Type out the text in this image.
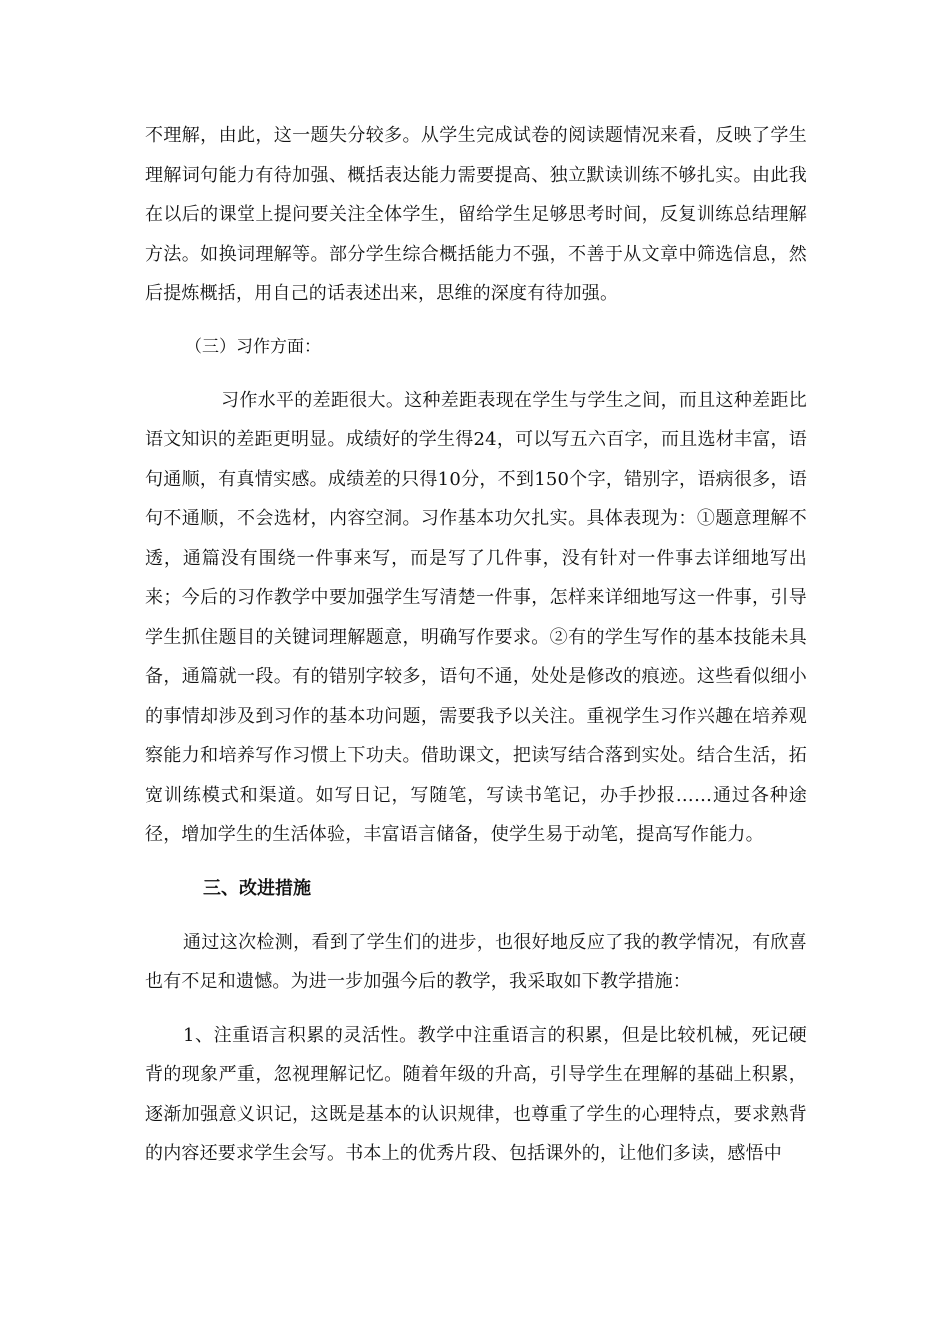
不理解，由此，这一题失分较多。从学生完成试卷的阅读题情况来看，反映了学生理解词句能力有待加强、概括表达能力需要提高、独立默读训练不够扎实。由此我在以后的课堂上提问要关注全体学生，留给学生足够思考时间，反复训练总结理解方法。如换词理解等。部分学生综合概括能力不强，不善于从文章中筛选信息，然后提炼概括，用自己的话表述出来，思维的深度有待加强。

（三）习作方面：

习作水平的差距很大。这种差距表现在学生与学生之间，而且这种差距比语文知识的差距更明显。成绩好的学生得24，可以写五六百字，而且选材丰富，语句通顺，有真情实感。成绩差的只得10分，不到150个字，错别字，语病很多，语句不通顺，不会选材，内容空洞。习作基本功欠扎实。具体表现为：①题意理解不透，通篇没有围绕一件事来写，而是写了几件事，没有针对一件事去详细地写出来；今后的习作教学中要加强学生写清楚一件事，怎样来详细地写这一件事，引导学生抓住题目的关键词理解题意，明确写作要求。②有的学生写作的基本技能未具备，通篇就一段。有的错别字较多，语句不通，处处是修改的痕迹。这些看似细小的事情却涉及到习作的基本功问题，需要我予以关注。重视学生习作兴趣在培养观察能力和培养写作习惯上下功夫。借助课文，把读写结合落到实处。结合生活，拓宽训练模式和渠道。如写日记，写随笔，写读书笔记，办手抄报……通过各种途径，增加学生的生活体验，丰富语言储备，使学生易于动笔，提高写作能力。

三、改进措施

通过这次检测，看到了学生们的进步，也很好地反应了我的教学情况，有欣喜也有不足和遗憾。为进一步加强今后的教学，我采取如下教学措施：

1、注重语言积累的灵活性。教学中注重语言的积累，但是比较机械，死记硬背的现象严重，忽视理解记忆。随着年级的升高，引导学生在理解的基础上积累，逐渐加强意义识记，这既是基本的认识规律，也尊重了学生的心理特点，要求熟背的内容还要求学生会写。书本上的优秀片段、包括课外的，让他们多读，感悟中
